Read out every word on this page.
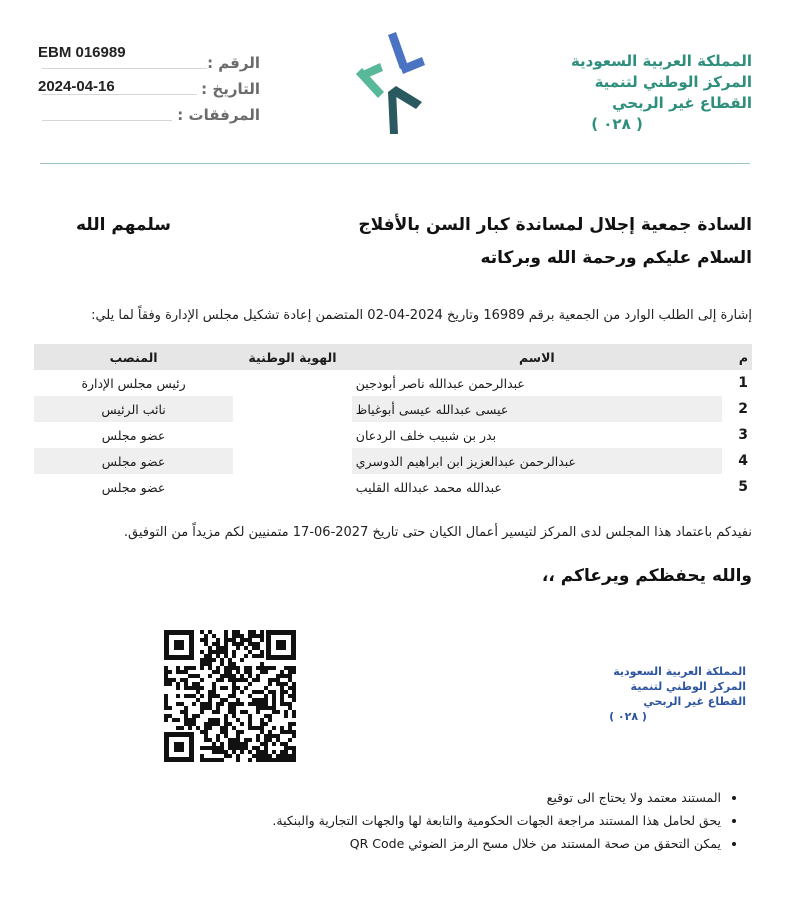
EBM 016989
الرقم :
2024-04-16	التاريخ :
المرفقات :
المملكة العربية السعودية
المركز الوطني لتنمية
القطاع غير الربحي
( ٠٢٨ )
السادة جمعية إجلال لمساندة كبار السن بالأفلاج
سلمهم الله
السلام عليكم ورحمة الله وبركاته
إشارة إلى الطلب الوارد من الجمعية برقم 16989 وتاريخ 2024-04-02 المتضمن إعادة تشكيل مجلس الإدارة وفقاً لما يلي:
م	الاسم	الهوية الوطنية	المنصب
1	عبدالرحمن عبدالله ناصر أبودجين		رئيس مجلس الإدارة
2	عيسى عبدالله عيسى أبوغياظ		نائب الرئيس
3	بدر بن شبيب خلف الردعان		عضو مجلس
4	عبدالرحمن عبدالعزيز ابن ابراهيم الدوسري		عضو مجلس
5	عبدالله محمد عبدالله القليب		عضو مجلس
نفيدكم باعتماد هذا المجلس لدى المركز لتيسير أعمال الكيان حتى تاريخ 2027-06-17 متمنيين لكم مزيداً من التوفيق.
والله يحفظكم ويرعاكم ،،
المملكة العربية السعودية
المركز الوطني لتنمية
القطاع غير الربحي
( ٠٢٨ )
• المستند معتمد ولا يحتاج الى توقيع
• يحق لحامل هذا المستند مراجعة الجهات الحكومية والتابعة لها والجهات التجارية والبنكية.
• يمكن التحقق من صحة المستند من خلال مسح الرمز الضوئي QR Code
